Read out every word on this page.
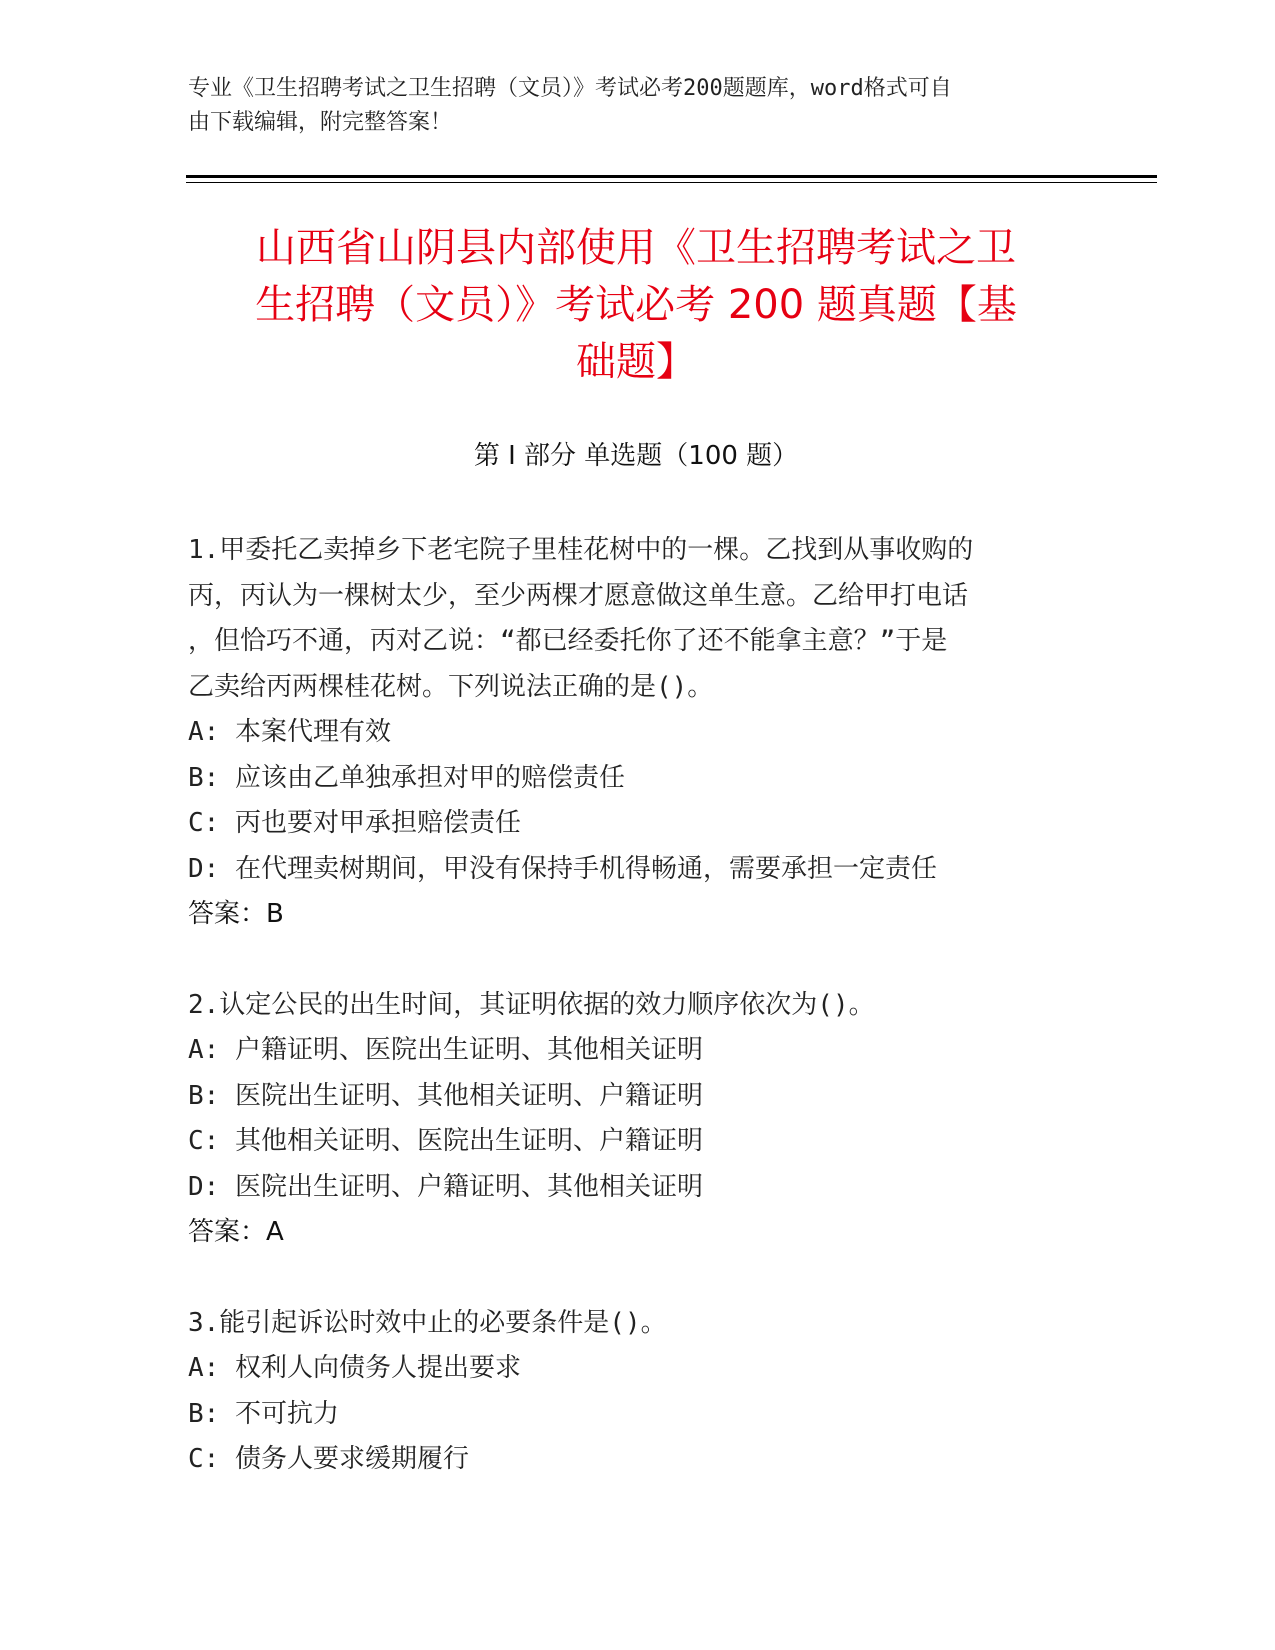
专业《卫生招聘考试之卫生招聘（文员）》考试必考200题题库，word格式可自

由下载编辑，附完整答案！

山西省山阴县内部使用《卫生招聘考试之卫

生招聘（文员）》考试必考 200 题真题【基

础题】

第 I 部分 单选题（100 题）

1.甲委托乙卖掉乡下老宅院子里桂花树中的一棵。乙找到从事收购的

丙，丙认为一棵树太少，至少两棵才愿意做这单生意。乙给甲打电话

，但恰巧不通，丙对乙说：“都已经委托你了还不能拿主意？”于是

乙卖给丙两棵桂花树。下列说法正确的是()。

A: 本案代理有效

B: 应该由乙单独承担对甲的赔偿责任

C: 丙也要对甲承担赔偿责任

D: 在代理卖树期间，甲没有保持手机得畅通，需要承担一定责任

答案：B

2.认定公民的出生时间，其证明依据的效力顺序依次为()。

A: 户籍证明、医院出生证明、其他相关证明

B: 医院出生证明、其他相关证明、户籍证明

C: 其他相关证明、医院出生证明、户籍证明

D: 医院出生证明、户籍证明、其他相关证明

答案：A

3.能引起诉讼时效中止的必要条件是()。

A: 权利人向债务人提出要求

B: 不可抗力

C: 债务人要求缓期履行
